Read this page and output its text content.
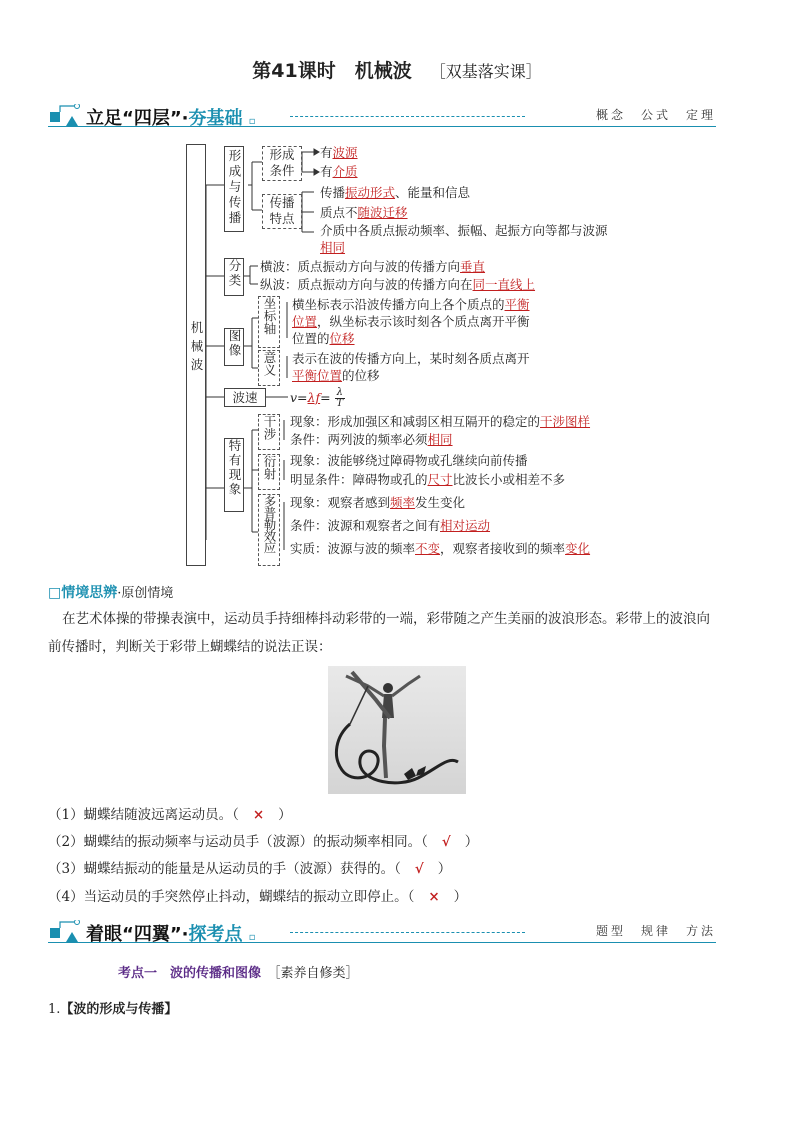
第41课时　 机械波 ［双基落实课］
立足“四层”·夯基础 ▫	概念　公式　定理
机械波
形成与传播	形成条件
有波源
有介质
传播特点
传播振动形式、能量和信息
质点不随波迁移
介质中各质点振动频率、振幅、起振方向等都与波源
相同
分类 横波：质点振动方向与波的传播方向垂直
纵波：质点振动方向与波的传播方向在同一直线上
图像
坐标轴 横坐标表示沿波传播方向上各个质点的平衡
位置，纵坐标表示该时刻各个质点离开平衡
位置的位移
意义 表示在波的传播方向上，某时刻各质点离开
平衡位置的位移
波速	$v=\lambda f= \frac{\lambda}{T}$
特有现象
干涉 现象：形成加强区和减弱区相互隔开的稳定的干涉图样
条件：两列波的频率必须相同
衍射 现象：波能够绕过障碍物或孔继续向前传播
明显条件：障碍物或孔的尺寸比波长小或相差不多
多普勒效应 现象：观察者感到频率发生变化
条件：波源和观察者之间有相对运动
实质：波源与波的频率不变，观察者接收到的频率变化
□情境思辨·原创情境
在艺术体操的带操表演中，运动员手持细棒抖动彩带的一端，彩带随之产生美丽的波浪形态。彩带上的波浪向
前传播时，判断关于彩带上蝴蝶结的说法正误：
（1）蝴蝶结随波远离运动员。（ × ）
（2）蝴蝶结的振动频率与运动员手（波源）的振动频率相同。（ √ ）
（3）蝴蝶结振动的能量是从运动员的手（波源）获得的。（ √ ）
（4）当运动员的手突然停止抖动，蝴蝶结的振动立即停止。（ × ）
着眼“四翼”·探考点 ▫	题型　规律　方法
考点一　波的传播和图像　 ［素养自修类］
1.【波的形成与传播】
